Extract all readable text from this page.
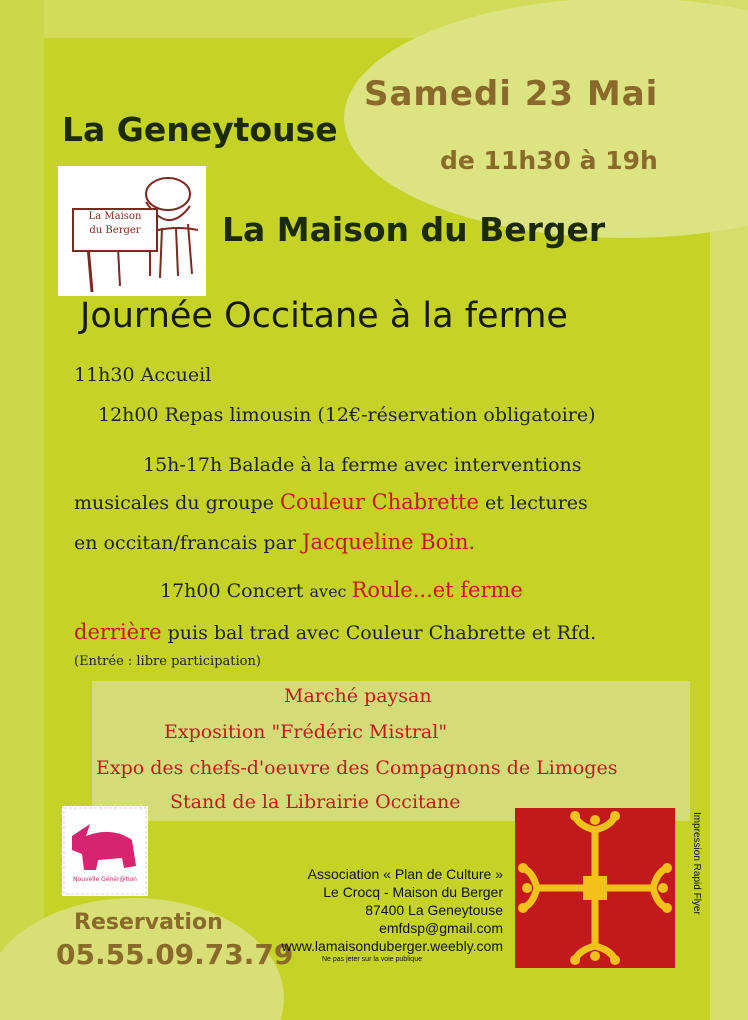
Samedi 23 Mai
La Geneytouse
de 11h30 à 19h
La Maison
du Berger	La Maison du Berger
Journée Occitane à la ferme
11h30 Accueil
12h00 Repas limousin (12€-réservation obligatoire)
15h-17h Balade à la ferme avec interventions
musicales du groupe Couleur Chabrette et lectures
en occitan/francais par Jacqueline Boin.
17h00 Concert avec Roule...et ferme
derrière puis bal trad avec Couleur Chabrette et Rfd.
(Entrée : libre participation)
Marché paysan
Exposition "Frédéric Mistral"
Expo des chefs-d'oeuvre des Compagnons de Limoges
Stand de la Librairie Occitane
Nouvelle Génér@tion
Reservation
05.55.09.73.79
Association « Plan de Culture »
Le Crocq - Maison du Berger
87400 La Geneytouse
emfdsp@gmail.com
www.lamaisonduberger.weebly.com
Ne pas jeter sur la voie publique
Impression Rapid Flyer
